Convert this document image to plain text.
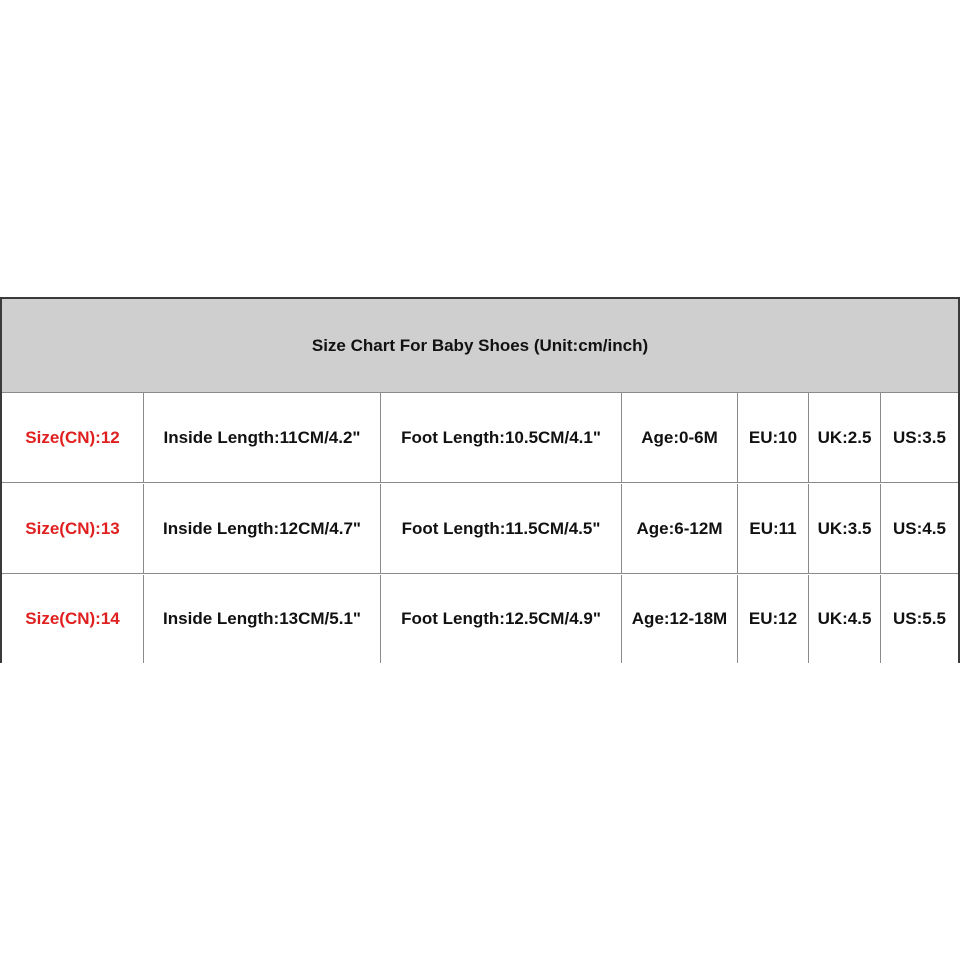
Size Chart For Baby Shoes (Unit:cm/inch)
Size(CN):12	Inside Length:11CM/4.2"	Foot Length:10.5CM/4.1"	Age:0-6M	EU:10	UK:2.5	US:3.5
Size(CN):13	Inside Length:12CM/4.7"	Foot Length:11.5CM/4.5"	Age:6-12M	EU:11	UK:3.5	US:4.5
Size(CN):14	Inside Length:13CM/5.1"	Foot Length:12.5CM/4.9"	Age:12-18M	EU:12	UK:4.5	US:5.5
